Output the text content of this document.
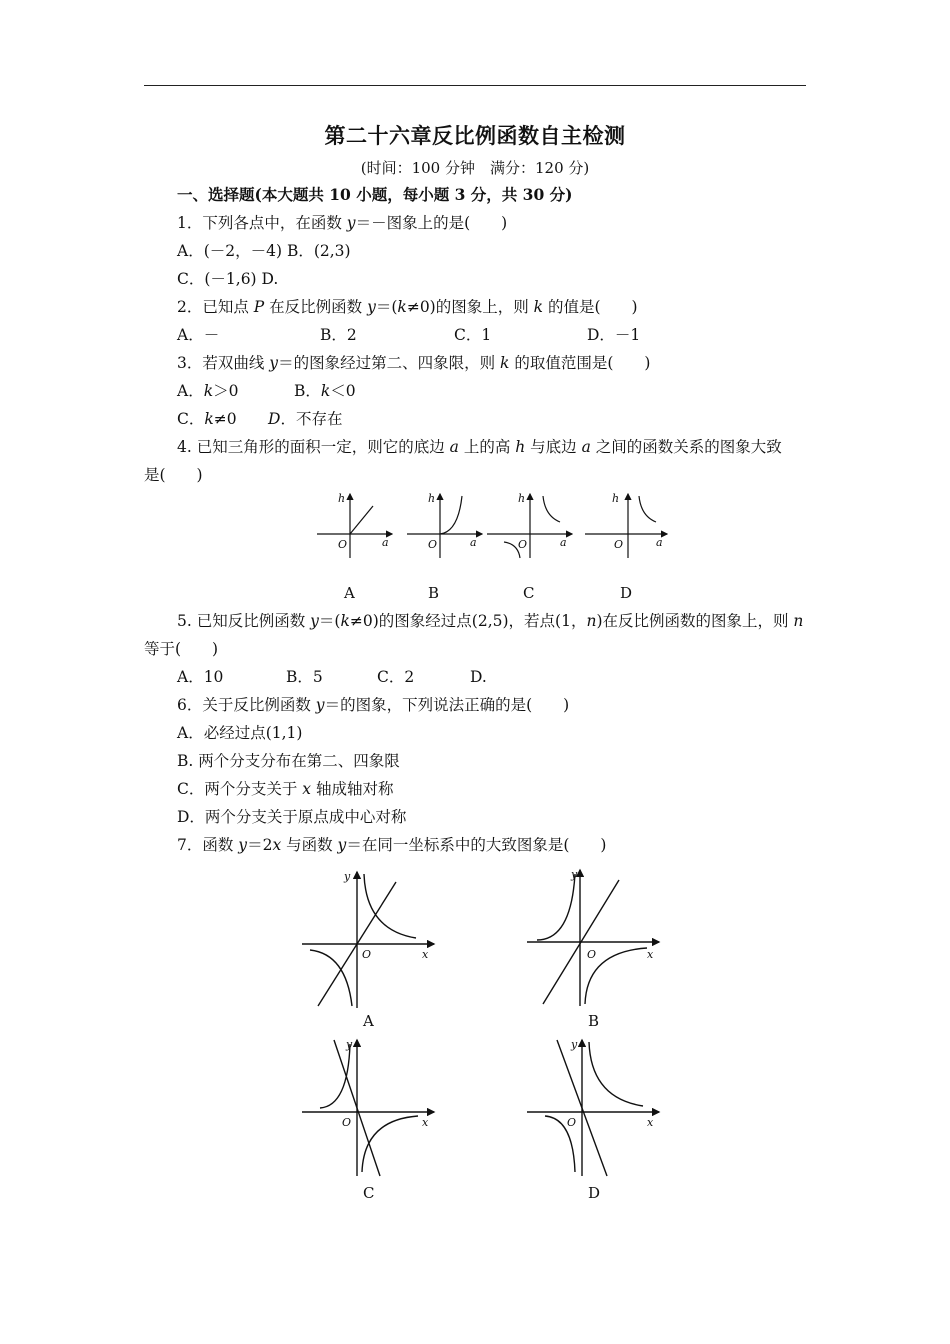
第二十六章反比例函数自主检测
(时间：100 分钟　满分：120 分)
一、选择题(本大题共 10 小题，每小题 3 分，共 30 分)
1．下列各点中，在函数 y＝－图象上的是(　　)
A．(－2，－4) B．(2,3)
C．(－1,6) D.
2．已知点 P 在反比例函数 y＝(k≠0)的图象上，则 k 的值是(　　)
A．－	B．2	C．1	D．－1
3．若双曲线 y＝的图象经过第二、四象限，则 k 的取值范围是(　　)
A．k＞0	B．k＜0
C．k≠0 D．不存在
4. 已知三角形的面积一定，则它的底边 a 上的高 h 与底边 a 之间的函数关系的图象大致
是(　　)
h
a
O
h
a
O
h
a
O
h
a
O
A	B	C	D
5. 已知反比例函数 y＝(k≠0)的图象经过点(2,5)，若点(1，n)在反比例函数的图象上，则 n
等于(　　)
A．10	B．5	C．2	D.
6．关于反比例函数 y＝的图象，下列说法正确的是(　　)
A．必经过点(1,1)
B. 两个分支分布在第二、四象限
C．两个分支关于 x 轴成轴对称
D．两个分支关于原点成中心对称
7．函数 y＝2x 与函数 y＝在同一坐标系中的大致图象是(　　)
y
x
O
A
y
x
O
B
y
x
O
C
y
x
O
D
